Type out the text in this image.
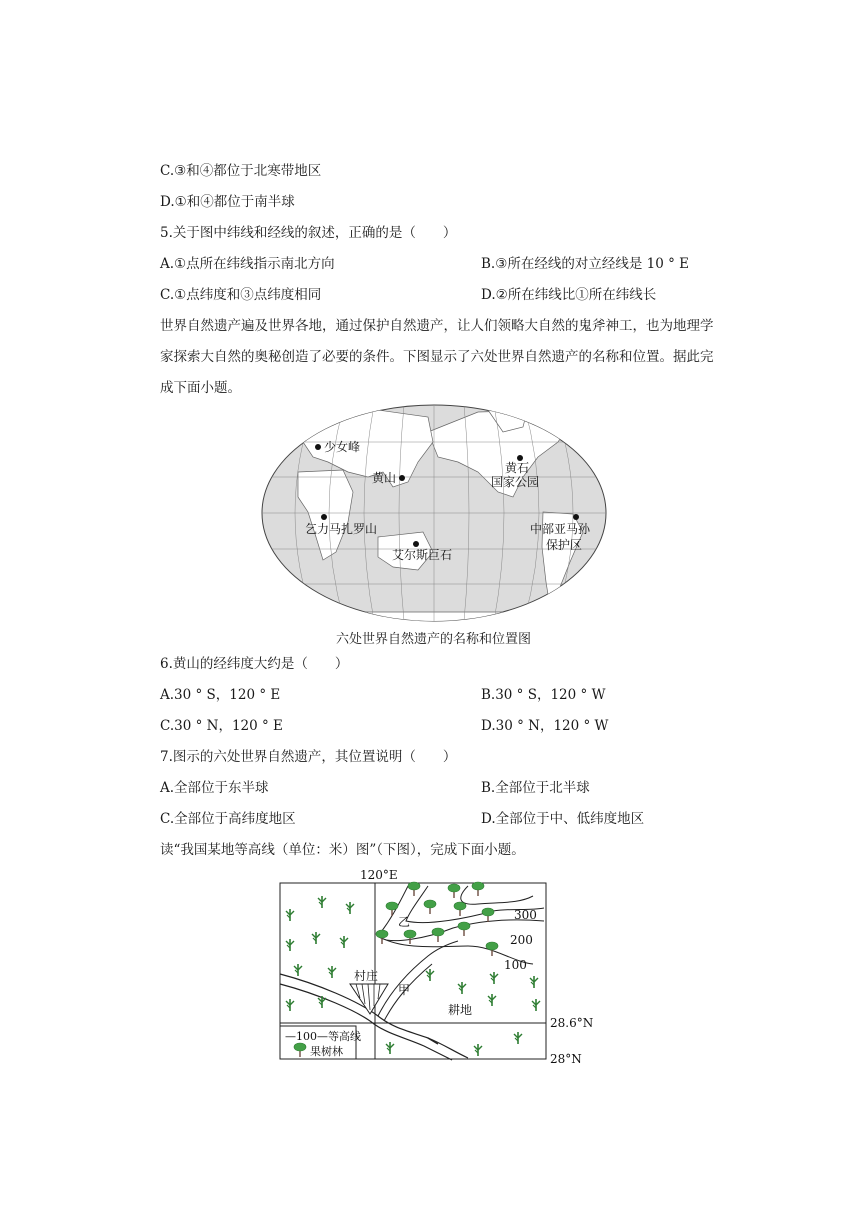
C.③和④都位于北寒带地区
D.①和④都位于南半球
5.关于图中纬线和经线的叙述，正确的是（　　）
A.①点所在纬线指示南北方向	B.③所在经线的对立经线是 10 ° E
C.①点纬度和③点纬度相同	D.②所在纬线比①所在纬线长
世界自然遗产遍及世界各地，通过保护自然遗产，让人们领略大自然的鬼斧神工，也为地理学家探索大自然的奥秘创造了必要的条件。下图显示了六处世界自然遗产的名称和位置。据此完成下面小题。
少女峰
黄山
黄石
国家公园
乞力马扎罗山	中部亚马孙
保护区
艾尔斯巨石
六处世界自然遗产的名称和位置图
6.黄山的经纬度大约是（　　）
A.30 ° S，120 ° E	B.30 ° S，120 ° W
C.30 ° N，120 ° E	D.30 ° N，120 ° W
7.图示的六处世界自然遗产，其位置说明（　　）
A.全部位于东半球	B.全部位于北半球
C.全部位于高纬度地区	D.全部位于中、低纬度地区
读“我国某地等高线（单位：米）图”（下图），完成下面小题。
120°E
300
200
100
村庄
甲
乙
耕地
28.6°N
28°N
—100—等高线
果树林
